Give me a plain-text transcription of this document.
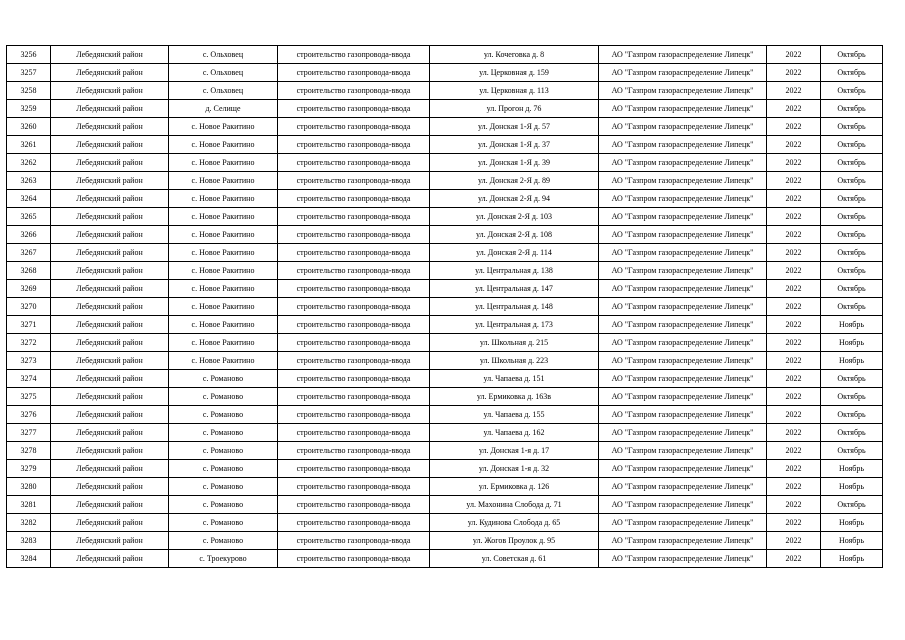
3256	Лебедянский район	с. Ольховец	строительство газопровода-ввода	ул. Кочеговка д. 8	АО "Газпром газораспределение Липецк"	2022	Октябрь
3257	Лебедянский район	с. Ольховец	строительство газопровода-ввода	ул. Церковная д. 159	АО "Газпром газораспределение Липецк"	2022	Октябрь
3258	Лебедянский район	с. Ольховец	строительство газопровода-ввода	ул. Церковная д. 113	АО "Газпром газораспределение Липецк"	2022	Октябрь
3259	Лебедянский район	д. Селище	строительство газопровода-ввода	ул. Прогон д. 76	АО "Газпром газораспределение Липецк"	2022	Октябрь
3260	Лебедянский район	с. Новое Ракитино	строительство газопровода-ввода	ул. Донская 1-Я д. 57	АО "Газпром газораспределение Липецк"	2022	Октябрь
3261	Лебедянский район	с. Новое Ракитино	строительство газопровода-ввода	ул. Донская 1-Я д. 37	АО "Газпром газораспределение Липецк"	2022	Октябрь
3262	Лебедянский район	с. Новое Ракитино	строительство газопровода-ввода	ул. Донская 1-Я д. 39	АО "Газпром газораспределение Липецк"	2022	Октябрь
3263	Лебедянский район	с. Новое Ракитино	строительство газопровода-ввода	ул. Донская 2-Я д. 89	АО "Газпром газораспределение Липецк"	2022	Октябрь
3264	Лебедянский район	с. Новое Ракитино	строительство газопровода-ввода	ул. Донская 2-Я д. 94	АО "Газпром газораспределение Липецк"	2022	Октябрь
3265	Лебедянский район	с. Новое Ракитино	строительство газопровода-ввода	ул. Донская 2-Я д. 103	АО "Газпром газораспределение Липецк"	2022	Октябрь
3266	Лебедянский район	с. Новое Ракитино	строительство газопровода-ввода	ул. Донская 2-Я д. 108	АО "Газпром газораспределение Липецк"	2022	Октябрь
3267	Лебедянский район	с. Новое Ракитино	строительство газопровода-ввода	ул. Донская 2-Я д. 114	АО "Газпром газораспределение Липецк"	2022	Октябрь
3268	Лебедянский район	с. Новое Ракитино	строительство газопровода-ввода	ул. Центральная д. 138	АО "Газпром газораспределение Липецк"	2022	Октябрь
3269	Лебедянский район	с. Новое Ракитино	строительство газопровода-ввода	ул. Центральная д. 147	АО "Газпром газораспределение Липецк"	2022	Октябрь
3270	Лебедянский район	с. Новое Ракитино	строительство газопровода-ввода	ул. Центральная д. 148	АО "Газпром газораспределение Липецк"	2022	Октябрь
3271	Лебедянский район	с. Новое Ракитино	строительство газопровода-ввода	ул. Центральная д. 173	АО "Газпром газораспределение Липецк"	2022	Ноябрь
3272	Лебедянский район	с. Новое Ракитино	строительство газопровода-ввода	ул. Школьная д. 215	АО "Газпром газораспределение Липецк"	2022	Ноябрь
3273	Лебедянский район	с. Новое Ракитино	строительство газопровода-ввода	ул. Школьная д. 223	АО "Газпром газораспределение Липецк"	2022	Ноябрь
3274	Лебедянский район	с. Романово	строительство газопровода-ввода	ул. Чапаева д. 151	АО "Газпром газораспределение Липецк"	2022	Октябрь
3275	Лебедянский район	с. Романово	строительство газопровода-ввода	ул. Ермиковка д. 163в	АО "Газпром газораспределение Липецк"	2022	Октябрь
3276	Лебедянский район	с. Романово	строительство газопровода-ввода	ул. Чапаева д. 155	АО "Газпром газораспределение Липецк"	2022	Октябрь
3277	Лебедянский район	с. Романово	строительство газопровода-ввода	ул. Чапаева д. 162	АО "Газпром газораспределение Липецк"	2022	Октябрь
3278	Лебедянский район	с. Романово	строительство газопровода-ввода	ул. Донская 1-я д. 17	АО "Газпром газораспределение Липецк"	2022	Октябрь
3279	Лебедянский район	с. Романово	строительство газопровода-ввода	ул. Донская 1-я д. 32	АО "Газпром газораспределение Липецк"	2022	Ноябрь
3280	Лебедянский район	с. Романово	строительство газопровода-ввода	ул. Ермиковка д. 126	АО "Газпром газораспределение Липецк"	2022	Ноябрь
3281	Лебедянский район	с. Романово	строительство газопровода-ввода	ул. Махонина Слобода д. 71	АО "Газпром газораспределение Липецк"	2022	Октябрь
3282	Лебедянский район	с. Романово	строительство газопровода-ввода	ул. Кудинова Слобода д. 65	АО "Газпром газораспределение Липецк"	2022	Ноябрь
3283	Лебедянский район	с. Романово	строительство газопровода-ввода	ул. Жогов Проулок д. 95	АО "Газпром газораспределение Липецк"	2022	Ноябрь
3284	Лебедянский район	с. Троекурово	строительство газопровода-ввода	ул. Советская д. 61	АО "Газпром газораспределение Липецк"	2022	Ноябрь
